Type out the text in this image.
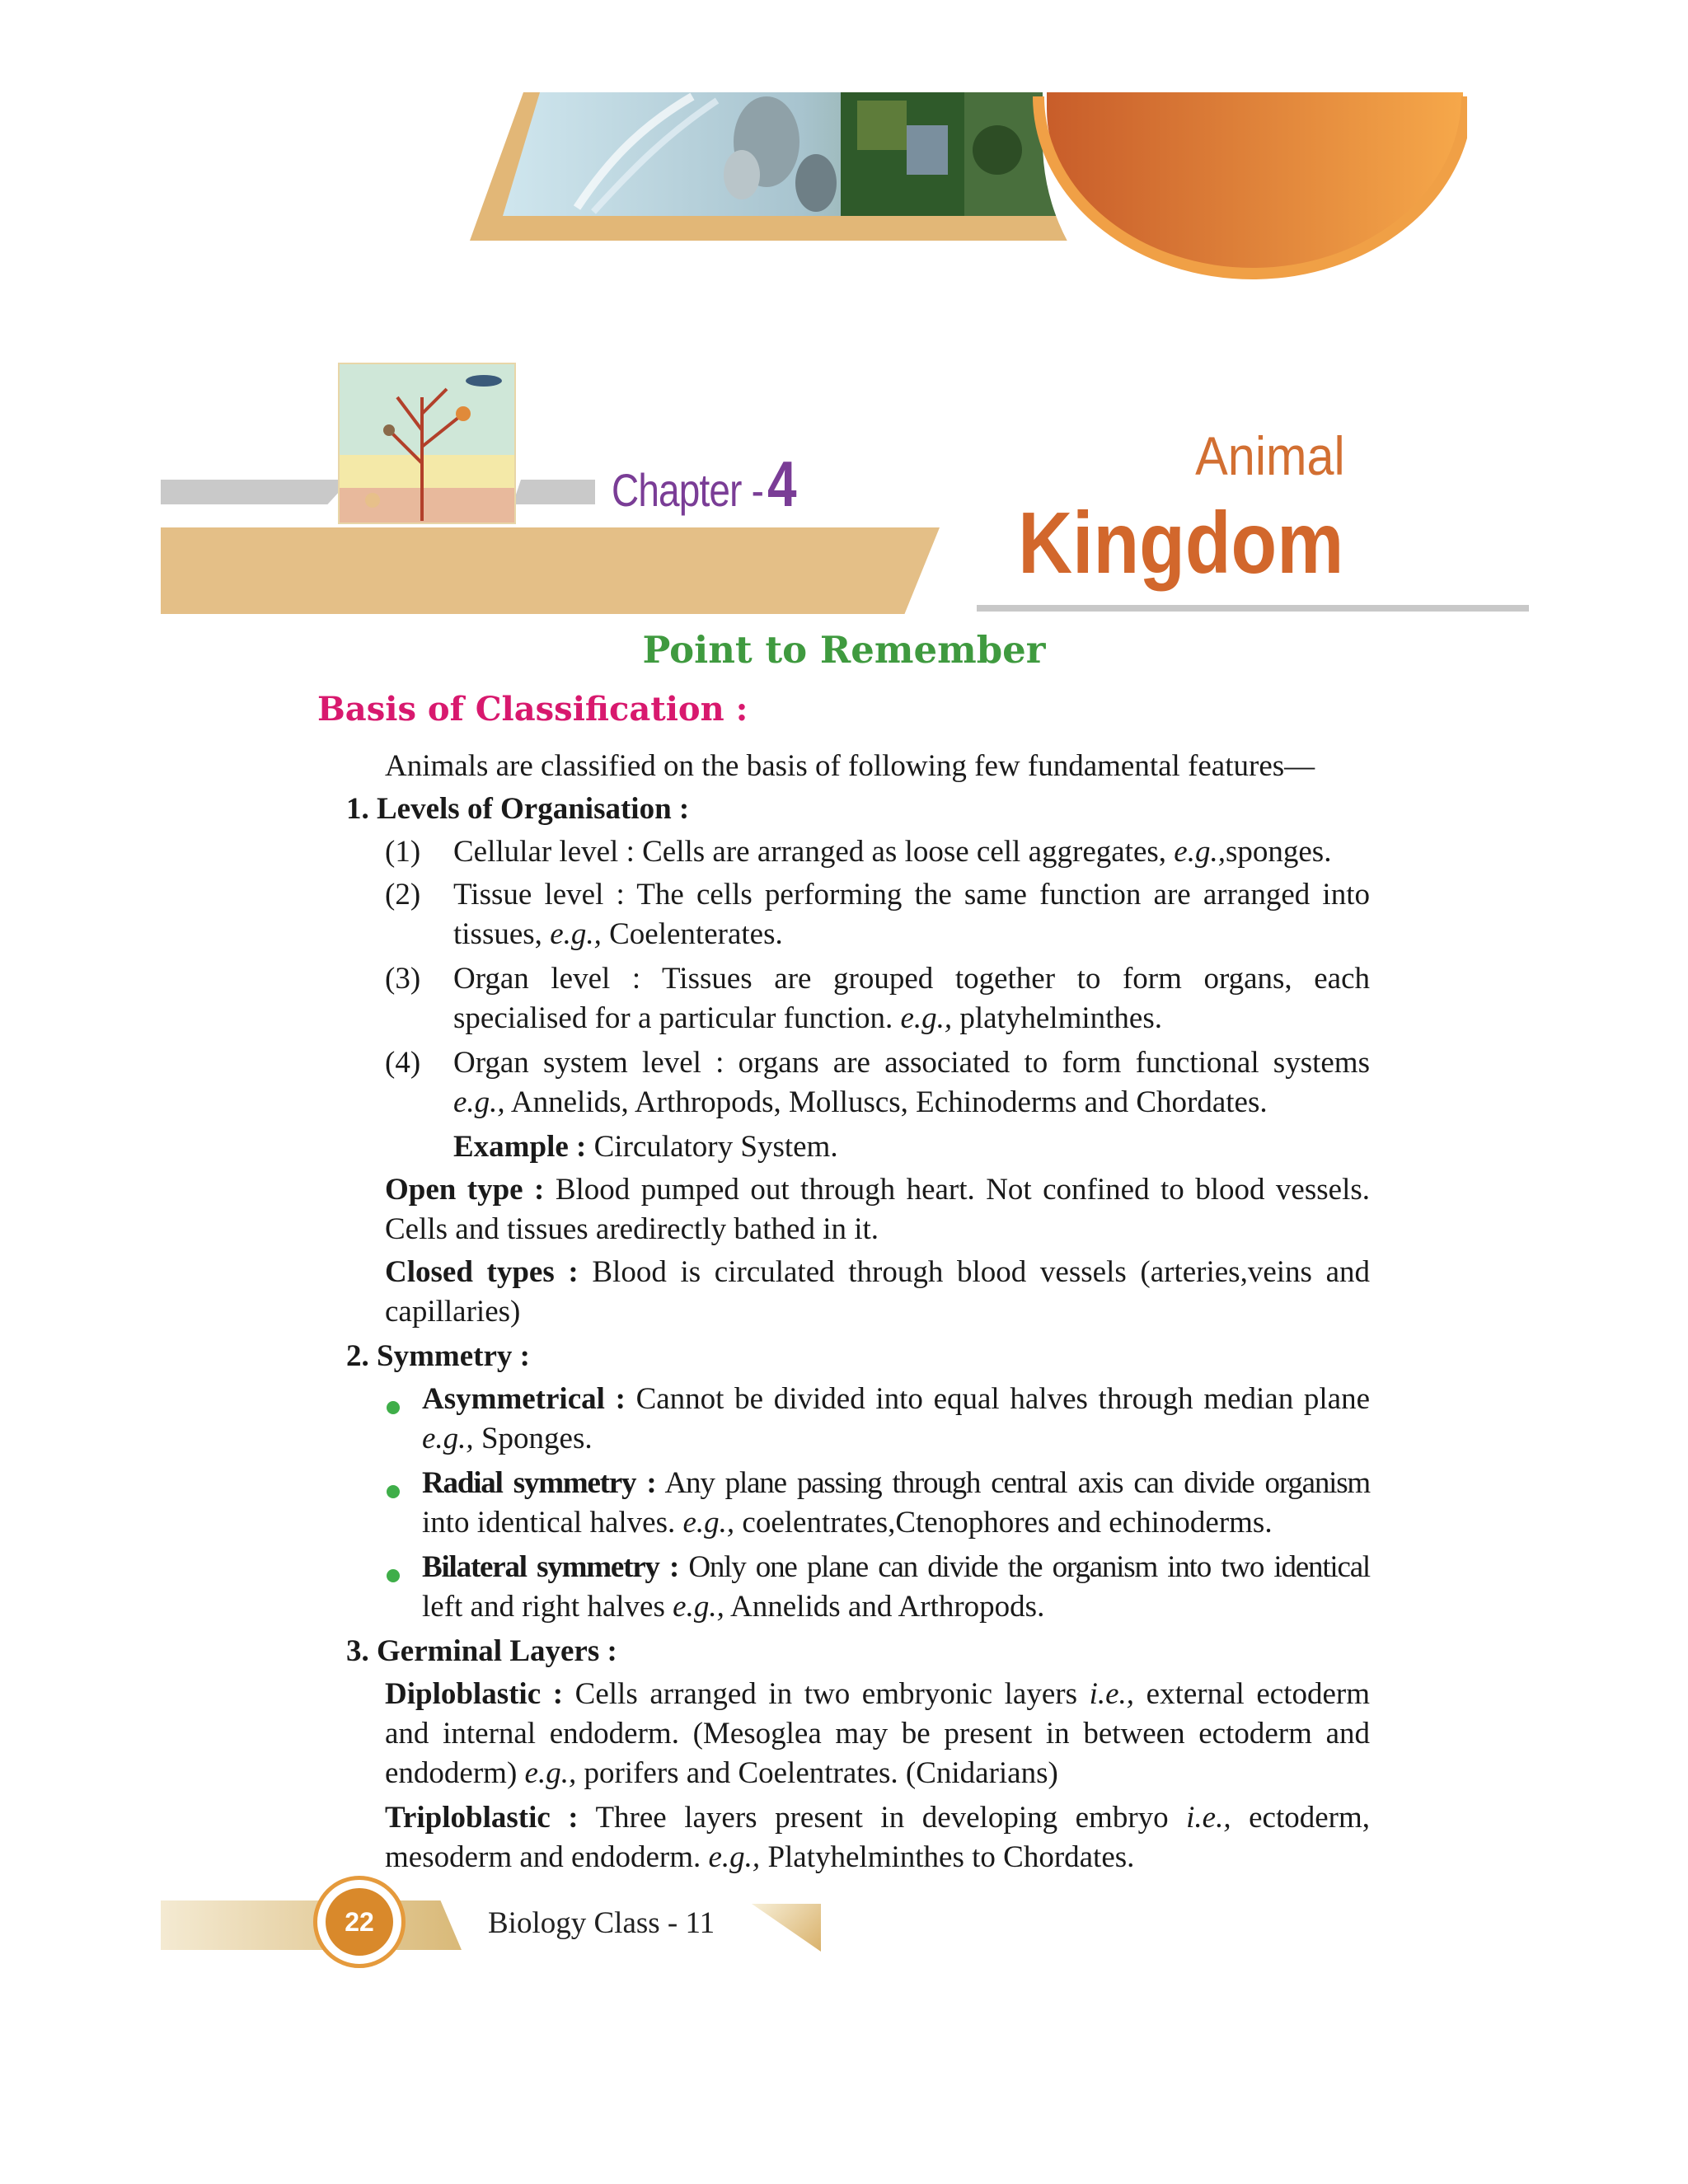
Chapter -4	Animal
Kingdom
Point to Remember
Basis of Classification :
Animals are classified on the basis of following few fundamental features—
1. Levels of Organisation :
(1) Cellular level : Cells are arranged as loose cell aggregates, e.g.,sponges.
(2) Tissue level : The cells performing the same function are arranged into
tissues, e.g., Coelenterates.
(3) Organ level : Tissues are grouped together to form organs, each
specialised for a particular function. e.g., platyhelminthes.
(4) Organ system level : organs are associated to form functional systems
e.g., Annelids, Arthropods, Molluscs, Echinoderms and Chordates.
Example : Circulatory System.
Open type : Blood pumped out through heart. Not confined to blood vessels.
Cells and tissues aredirectly bathed in it.
Closed types : Blood is circulated through blood vessels (arteries,veins and
capillaries)
2. Symmetry :
Asymmetrical : Cannot be divided into equal halves through median plane
e.g., Sponges.
Radial symmetry : Any plane passing through central axis can divide organism
into identical halves. e.g., coelentrates,Ctenophores and echinoderms.
Bilateral symmetry : Only one plane can divide the organism into two identical
left and right halves e.g., Annelids and Arthropods.
3. Germinal Layers :
Diploblastic : Cells arranged in two embryonic layers i.e., external ectoderm
and internal endoderm. (Mesoglea may be present in between ectoderm and
endoderm) e.g., porifers and Coelentrates. (Cnidarians)
Triploblastic : Three layers present in developing embryo i.e., ectoderm,
mesoderm and endoderm. e.g., Platyhelminthes to Chordates.
22	Biology Class - 11
